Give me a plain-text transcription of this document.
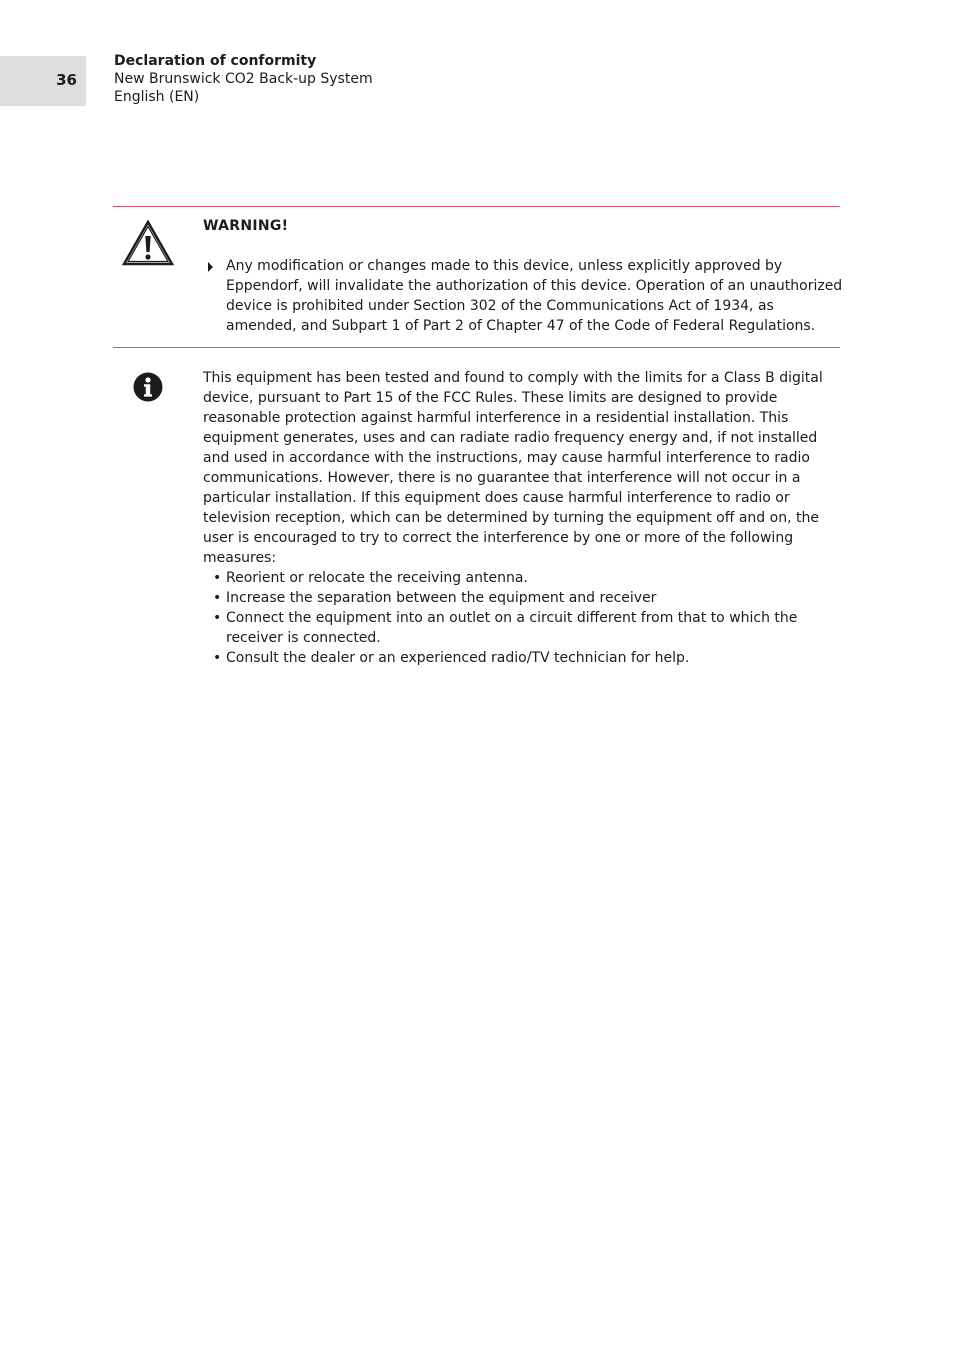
36
Declaration of conformity
New Brunswick CO2 Back-up System
English (EN)
WARNING!
Any modification or changes made to this device, unless explicitly approved by Eppendorf, will invalidate the authorization of this device. Operation of an unauthorized device is prohibited under Section 302 of the Communications Act of 1934, as amended, and Subpart 1 of Part 2 of Chapter 47 of the Code of Federal Regulations.

This equipment has been tested and found to comply with the limits for a Class B digital device, pursuant to Part 15 of the FCC Rules. These limits are designed to provide reasonable protection against harmful interference in a residential installation. This equipment generates, uses and can radiate radio frequency energy and, if not installed and used in accordance with the instructions, may cause harmful interference to radio communications. However, there is no guarantee that interference will not occur in a particular installation. If this equipment does cause harmful interference to radio or television reception, which can be determined by turning the equipment off and on, the user is encouraged to try to correct the interference by one or more of the following measures:

• Reorient or relocate the receiving antenna.
• Increase the separation between the equipment and receiver
• Connect the equipment into an outlet on a circuit different from that to which the receiver is connected.
• Consult the dealer or an experienced radio/TV technician for help.
